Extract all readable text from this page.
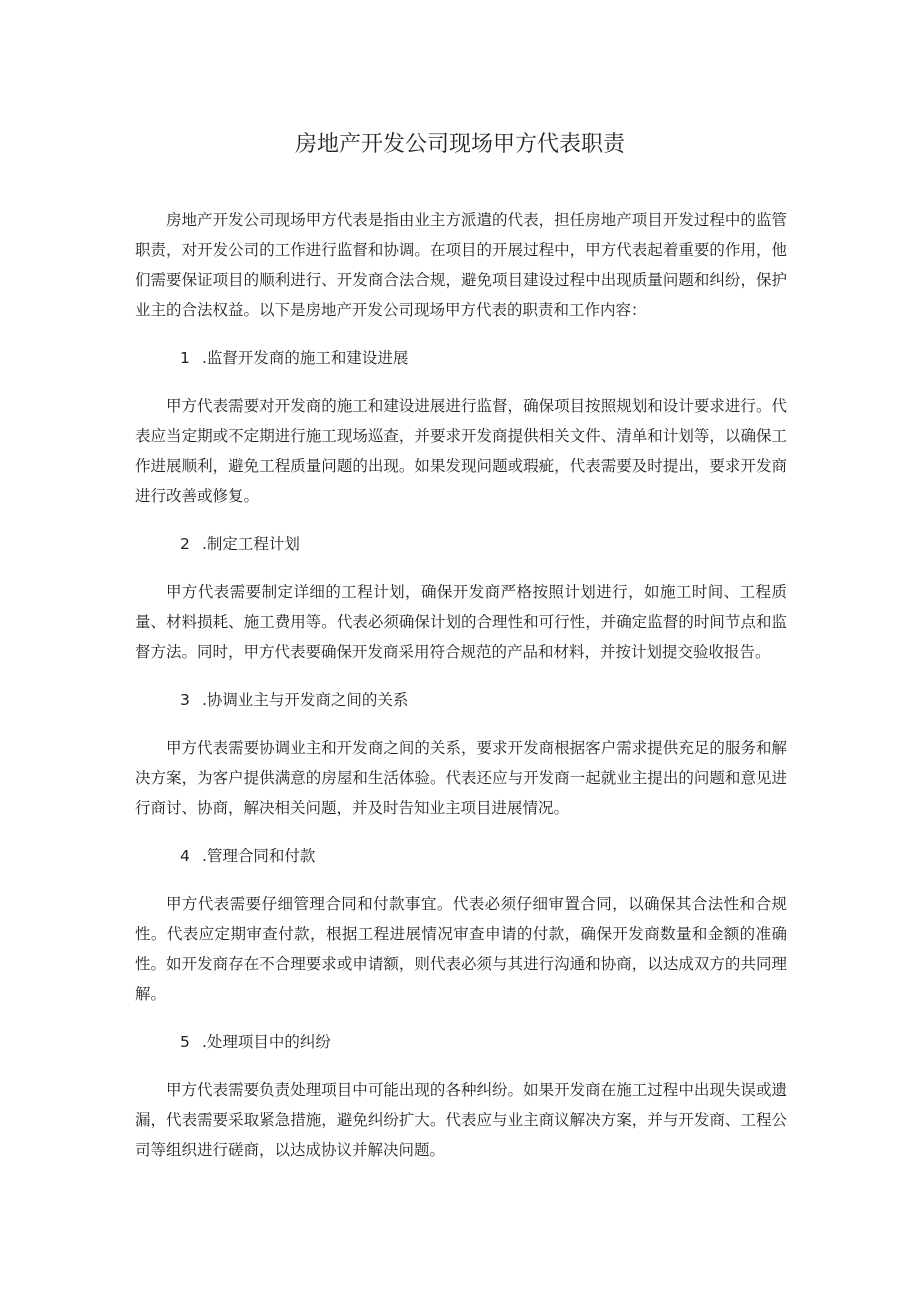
房地产开发公司现场甲方代表职责

房地产开发公司现场甲方代表是指由业主方派遣的代表，担任房地产项目开发过程中的监管职责，对开发公司的工作进行监督和协调。在项目的开展过程中，甲方代表起着重要的作用，他们需要保证项目的顺利进行、开发商合法合规，避免项目建设过程中出现质量问题和纠纷，保护业主的合法权益。以下是房地产开发公司现场甲方代表的职责和工作内容：

1 .监督开发商的施工和建设进展

甲方代表需要对开发商的施工和建设进展进行监督，确保项目按照规划和设计要求进行。代表应当定期或不定期进行施工现场巡查，并要求开发商提供相关文件、清单和计划等，以确保工作进展顺利，避免工程质量问题的出现。如果发现问题或瑕疵，代表需要及时提出，要求开发商进行改善或修复。

2 .制定工程计划

甲方代表需要制定详细的工程计划，确保开发商严格按照计划进行，如施工时间、工程质量、材料损耗、施工费用等。代表必须确保计划的合理性和可行性，并确定监督的时间节点和监督方法。同时，甲方代表要确保开发商采用符合规范的产品和材料，并按计划提交验收报告。

3 .协调业主与开发商之间的关系

甲方代表需要协调业主和开发商之间的关系，要求开发商根据客户需求提供充足的服务和解决方案，为客户提供满意的房屋和生活体验。代表还应与开发商一起就业主提出的问题和意见进行商讨、协商，解决相关问题，并及时告知业主项目进展情况。

4 .管理合同和付款

甲方代表需要仔细管理合同和付款事宜。代表必须仔细审置合同，以确保其合法性和合规性。代表应定期审查付款，根据工程进展情况审查申请的付款，确保开发商数量和金额的准确性。如开发商存在不合理要求或申请额，则代表必须与其进行沟通和协商，以达成双方的共同理解。

5 .处理项目中的纠纷

甲方代表需要负责处理项目中可能出现的各种纠纷。如果开发商在施工过程中出现失误或遗漏，代表需要采取紧急措施，避免纠纷扩大。代表应与业主商议解决方案，并与开发商、工程公司等组织进行磋商，以达成协议并解决问题。
